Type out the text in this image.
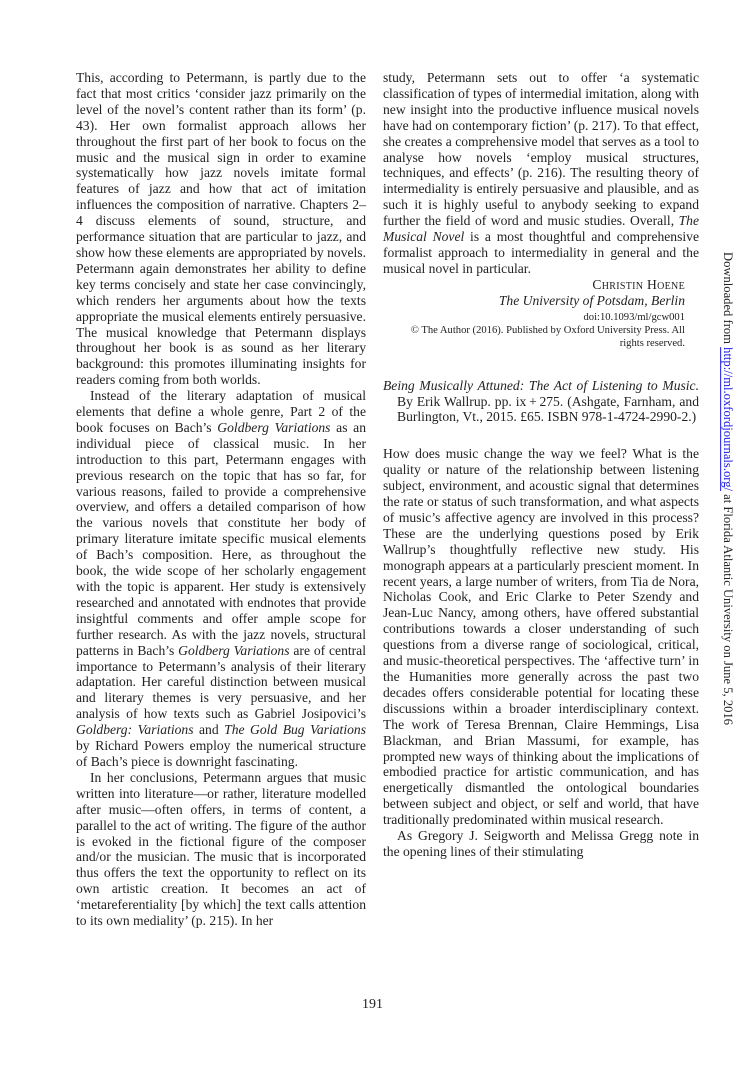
This, according to Petermann, is partly due to the fact that most critics ‘consider jazz primarily on the level of the novel’s content rather than its form’ (p. 43). Her own formalist approach allows her throughout the first part of her book to focus on the music and the musical sign in order to examine systematically how jazz novels imitate formal features of jazz and how that act of imitation influences the composition of narrative. Chapters 2–4 discuss elements of sound, structure, and performance situation that are particular to jazz, and show how these elements are appropriated by novels. Petermann again demonstrates her ability to define key terms concisely and state her case convincingly, which renders her arguments about how the texts appropriate the musical elements entirely persuasive. The musical knowledge that Petermann displays throughout her book is as sound as her literary background: this promotes illuminating insights for readers coming from both worlds.

Instead of the literary adaptation of musical elements that define a whole genre, Part 2 of the book focuses on Bach’s Goldberg Variations as an individual piece of classical music. In her introduction to this part, Petermann engages with previous research on the topic that has so far, for various reasons, failed to provide a comprehensive overview, and offers a detailed comparison of how the various novels that constitute her body of primary literature imitate specific musical elements of Bach’s composition. Here, as throughout the book, the wide scope of her scholarly engagement with the topic is apparent. Her study is extensively researched and annotated with endnotes that provide insightful comments and offer ample scope for further research. As with the jazz novels, structural patterns in Bach’s Goldberg Variations are of central importance to Petermann’s analysis of their literary adaptation. Her careful distinction between musical and literary themes is very persuasive, and her analysis of how texts such as Gabriel Josipovici’s Goldberg: Variations and The Gold Bug Variations by Richard Powers employ the numerical structure of Bach’s piece is downright fascinating.

In her conclusions, Petermann argues that music written into literature—or rather, literature modelled after music—often offers, in terms of content, a parallel to the act of writing. The figure of the author is evoked in the fictional figure of the composer and/or the musician. The music that is incorporated thus offers the text the opportunity to reflect on its own artistic creation. It becomes an act of ‘metareferentiality [by which] the text calls attention to its own mediality’ (p. 215). In her

study, Petermann sets out to offer ‘a systematic classification of types of intermedial imitation, along with new insight into the productive influence musical novels have had on contemporary fiction’ (p. 217). To that effect, she creates a comprehensive model that serves as a tool to analyse how novels ‘employ musical structures, techniques, and effects’ (p. 216). The resulting theory of intermediality is entirely persuasive and plausible, and as such it is highly useful to anybody seeking to expand further the field of word and music studies. Overall, The Musical Novel is a most thoughtful and comprehensive formalist approach to intermediality in general and the musical novel in particular.

Christin Hoene

The University of Potsdam, Berlin

doi:10.1093/ml/gcw001

© The Author (2016). Published by Oxford University Press. All rights reserved.

Being Musically Attuned: The Act of Listening to Music. By Erik Wallrup. pp. ix + 275. (Ashgate, Farnham, and Burlington, Vt., 2015. £65. ISBN 978-1-4724-2990-2.)

How does music change the way we feel? What is the quality or nature of the relationship between listening subject, environment, and acoustic signal that determines the rate or status of such transformation, and what aspects of music’s affective agency are involved in this process? These are the underlying questions posed by Erik Wallrup’s thoughtfully reflective new study. His monograph appears at a particularly prescient moment. In recent years, a large number of writers, from Tia de Nora, Nicholas Cook, and Eric Clarke to Peter Szendy and Jean-Luc Nancy, among others, have offered substantial contributions towards a closer understanding of such questions from a diverse range of sociological, critical, and music-theoretical perspectives. The ‘affective turn’ in the Humanities more generally across the past two decades offers considerable potential for locating these discussions within a broader interdisciplinary context. The work of Teresa Brennan, Claire Hemmings, Lisa Blackman, and Brian Massumi, for example, has prompted new ways of thinking about the implications of embodied practice for artistic communication, and has energetically dismantled the ontological boundaries between subject and object, or self and world, that have traditionally predominated within musical research.

As Gregory J. Seigworth and Melissa Gregg note in the opening lines of their stimulating

191
Downloaded from http://ml.oxfordjournals.org/ at Florida Atlantic University on June 5, 2016
